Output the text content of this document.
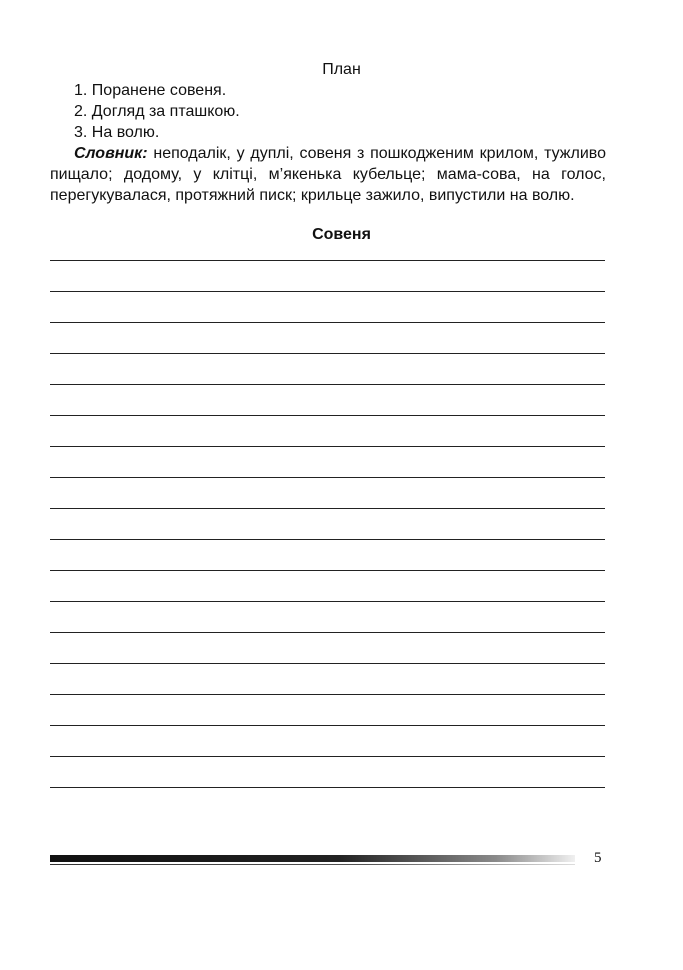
План
1. Поранене совеня.
2. Догляд за пташкою.
3. На волю.

Словник: неподалік, у дуплі, совеня з пошкодженим крилом, тужливо пищало; додому, у клітці, м’якенька кубельце; мама-сова, на голос, перегукувалася, протяжний писк; крильце зажило, випустили на волю.

Совеня
5
